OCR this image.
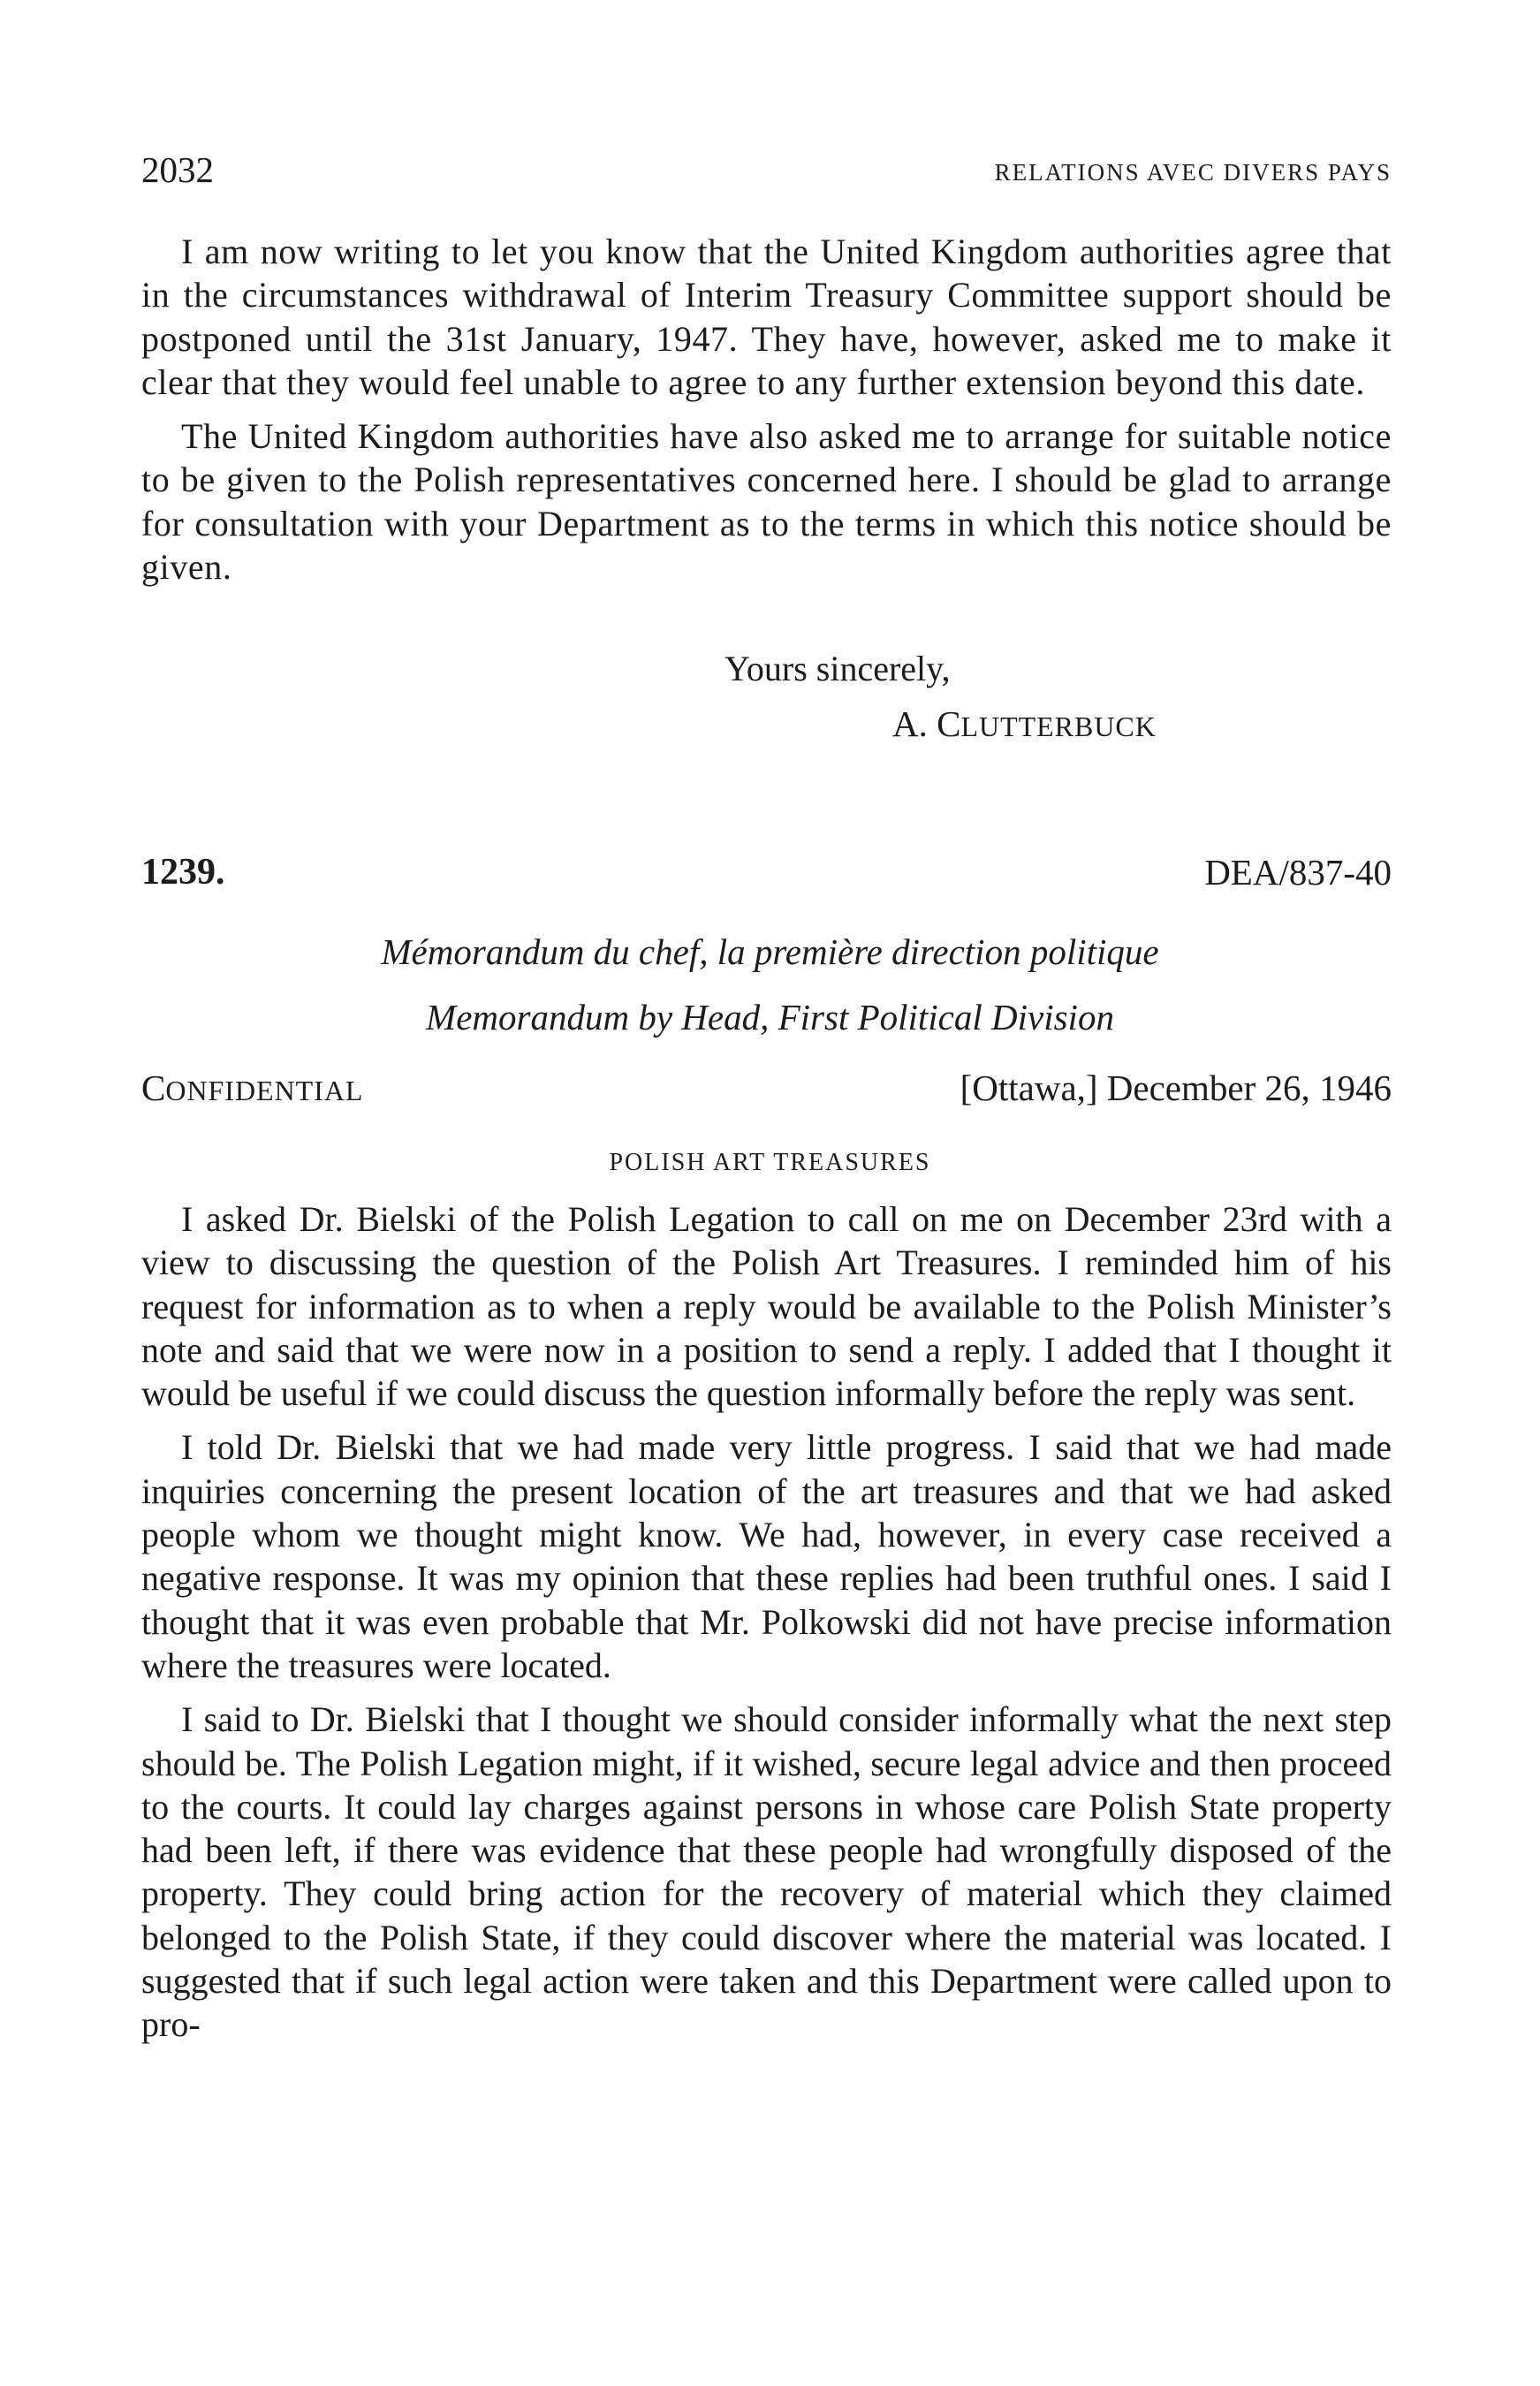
2032	RELATIONS AVEC DIVERS PAYS

I am now writing to let you know that the United Kingdom authorities agree that in the circumstances withdrawal of Interim Treasury Committee support should be postponed until the 31st January, 1947. They have, however, asked me to make it clear that they would feel unable to agree to any further extension beyond this date.

The United Kingdom authorities have also asked me to arrange for suitable notice to be given to the Polish representatives concerned here. I should be glad to arrange for consultation with your Department as to the terms in which this notice should be given.

Yours sincerely,
A. CLUTTERBUCK
1239.	DEA/837-40
Mémorandum du chef, la première direction politique
Memorandum by Head, First Political Division
CONFIDENTIAL	[Ottawa,] December 26, 1946
POLISH ART TREASURES

I asked Dr. Bielski of the Polish Legation to call on me on December 23rd with a view to discussing the question of the Polish Art Treasures. I reminded him of his request for information as to when a reply would be available to the Polish Minister’s note and said that we were now in a position to send a reply. I added that I thought it would be useful if we could discuss the question informally before the reply was sent.

I told Dr. Bielski that we had made very little progress. I said that we had made inquiries concerning the present location of the art treasures and that we had asked people whom we thought might know. We had, however, in every case received a negative response. It was my opinion that these replies had been truthful ones. I said I thought that it was even probable that Mr. Polkowski did not have precise information where the treasures were located.

I said to Dr. Bielski that I thought we should consider informally what the next step should be. The Polish Legation might, if it wished, secure legal advice and then proceed to the courts. It could lay charges against persons in whose care Polish State property had been left, if there was evidence that these people had wrongfully disposed of the property. They could bring action for the recovery of material which they claimed belonged to the Polish State, if they could discover where the material was located. I suggested that if such legal action were taken and this Department were called upon to pro-
